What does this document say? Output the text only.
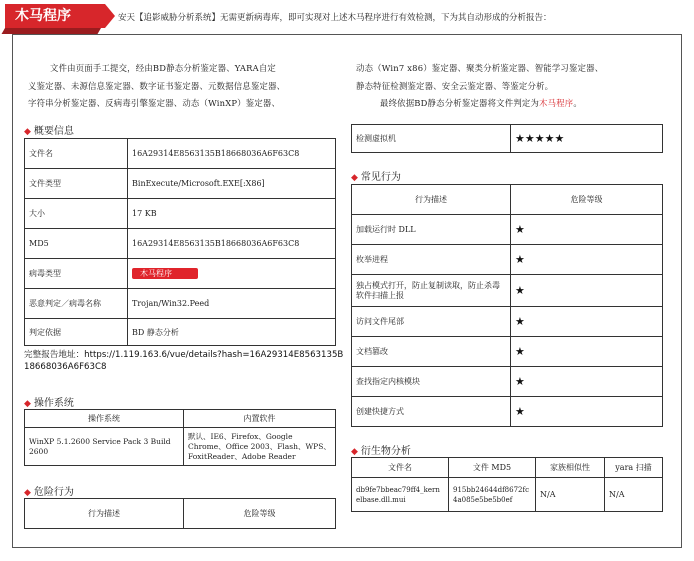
木马程序	安天【追影威胁分析系统】无需更新病毒库，即可实现对上述木马程序进行有效检测，下为其自动形成的分析报告：
文件由页面手工提交，经由BD静态分析鉴定器、YARA自定
义鉴定器、未源信息鉴定器、数字证书鉴定器、元数据信息鉴定器、
字符串分析鉴定器、反病毒引擎鉴定器、动态（WinXP）鉴定器、
动态（Win7 x86）鉴定器、聚类分析鉴定器、智能学习鉴定器、
静态特征检测鉴定器、安全云鉴定器、等鉴定分析。
最终依据BD静态分析鉴定器将文件判定为木马程序。
◆ 概要信息
文件名	16A29314E8563135B18668036A6F63C8
文件类型	BinExecute/Microsoft.EXE[:X86]
大小	17 KB
MD5	16A29314E8563135B18668036A6F63C8
病毒类型	木马程序
恶意判定／病毒名称	Trojan/Win32.Peed
判定依据	BD 静态分析
完整报告地址：https://1.119.163.6/vue/details?hash=16A29314E8563135B18668036A6F63C8
◆ 操作系统
操作系统	内置软件
WinXP 5.1.2600 Service Pack 3 Build 2600	默认、IE6、Firefox、Google Chrome、Office 2003、Flash、WPS、FoxitReader、Adobe Reader
◆ 危险行为
行为描述	危险等级
检测虚拟机	★★★★★
◆ 常见行为
行为描述	危险等级
加载运行时 DLL	★
枚举进程	★
独占模式打开，防止复制读取，防止杀毒软件扫描上报	★
访问文件尾部	★
文档篡改	★
查找指定内核模块	★
创建快捷方式	★
◆ 衍生物分析
文件名	文件 MD5	家族相似性	yara 扫描
db9fe7bbeac79ff4_kernelbase.dll.mui	915bb24644df8672fc4a085e5be5b0ef	N/A	N/A
